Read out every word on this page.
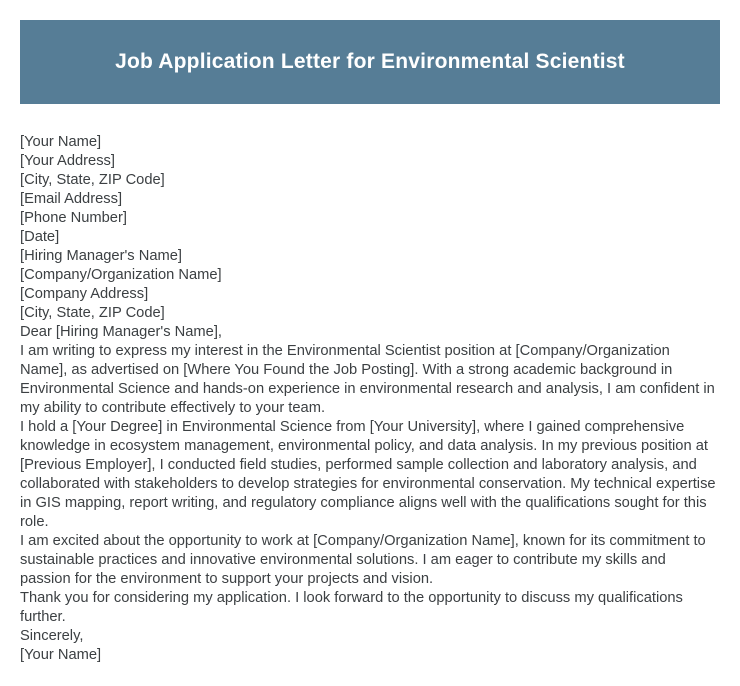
Job Application Letter for Environmental Scientist
[Your Name]
[Your Address]
[City, State, ZIP Code]
[Email Address]
[Phone Number]
[Date]
[Hiring Manager's Name]
[Company/Organization Name]
[Company Address]
[City, State, ZIP Code]
Dear [Hiring Manager's Name],

I am writing to express my interest in the Environmental Scientist position at [Company/Organization Name], as advertised on [Where You Found the Job Posting]. With a strong academic background in Environmental Science and hands-on experience in environmental research and analysis, I am confident in my ability to contribute effectively to your team.

I hold a [Your Degree] in Environmental Science from [Your University], where I gained comprehensive knowledge in ecosystem management, environmental policy, and data analysis. In my previous position at [Previous Employer], I conducted field studies, performed sample collection and laboratory analysis, and collaborated with stakeholders to develop strategies for environmental conservation. My technical expertise in GIS mapping, report writing, and regulatory compliance aligns well with the qualifications sought for this role.

I am excited about the opportunity to work at [Company/Organization Name], known for its commitment to sustainable practices and innovative environmental solutions. I am eager to contribute my skills and passion for the environment to support your projects and vision.

Thank you for considering my application. I look forward to the opportunity to discuss my qualifications further.

Sincerely,
[Your Name]
